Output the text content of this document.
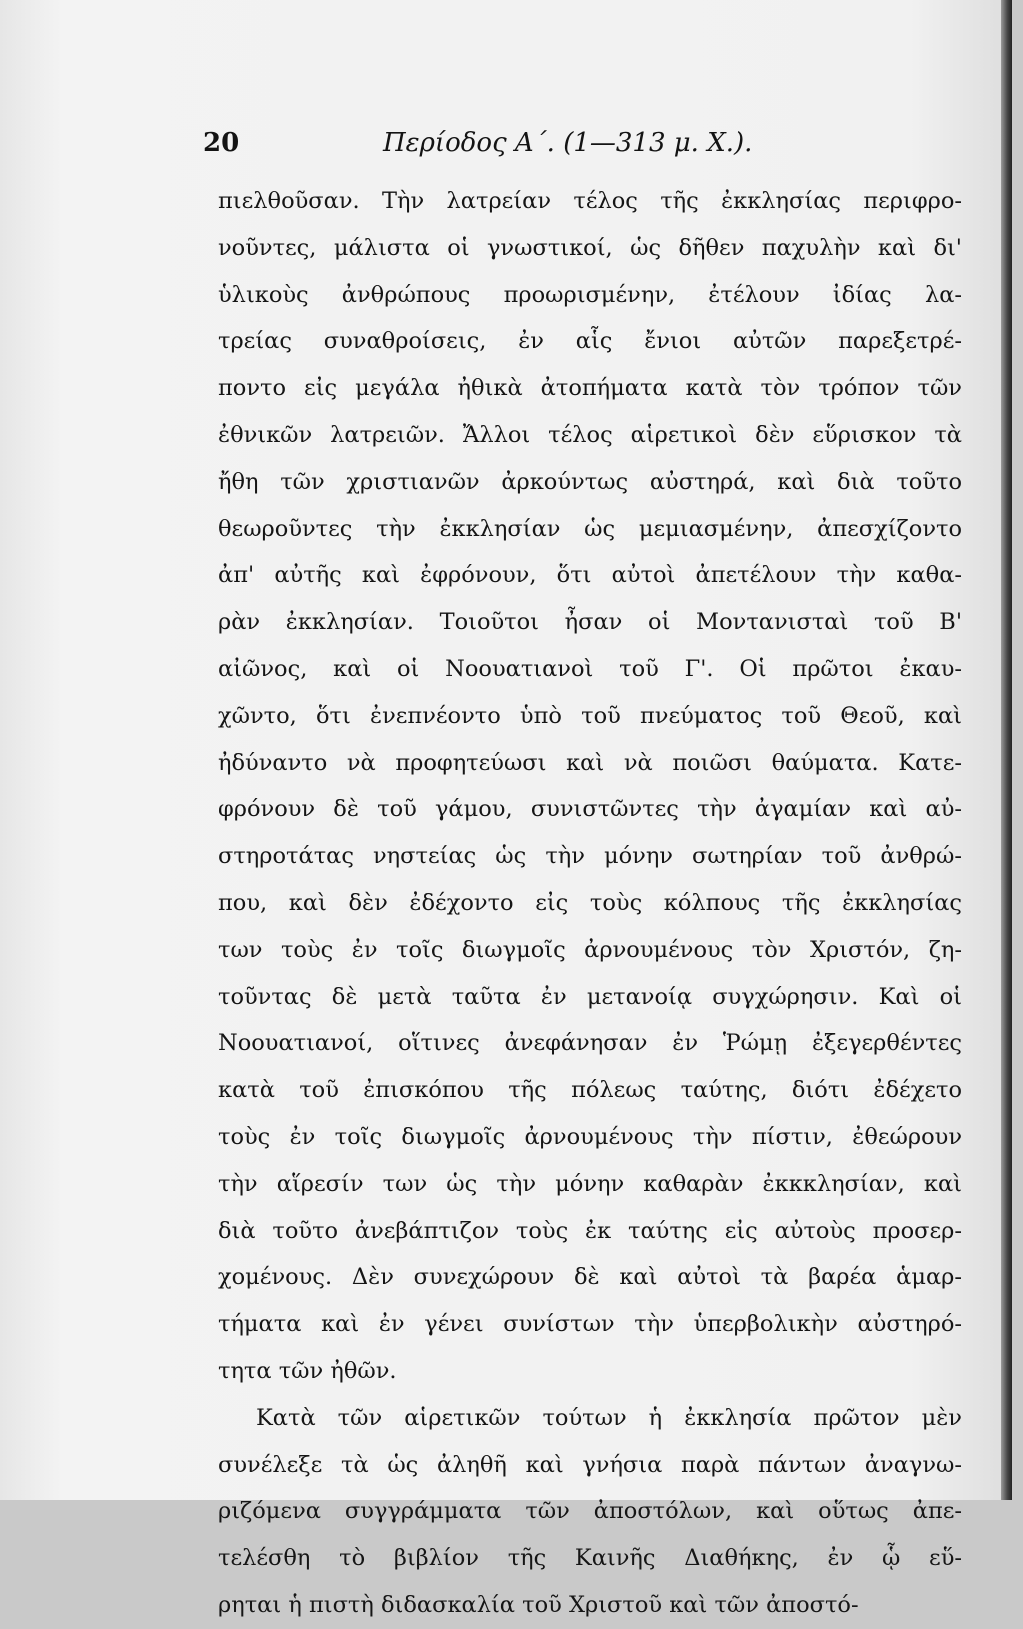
20	Περίοδος Α΄. (1—313 μ. Χ.).
πιελθοῦσαν. Τὴν λατρείαν τέλος τῆς ἐκκλησίας περιφρο-
νοῦντες, μάλιστα οἱ γνωστικοί, ὡς δῆθεν παχυλὴν καὶ δι'
ὑλικοὺς ἀνθρώπους προωρισμένην, ἐτέλουν ἰδίας λα-
τρείας συναθροίσεις, ἐν αἷς ἔνιοι αὐτῶν παρεξετρέ-
ποντο εἰς μεγάλα ἠθικὰ ἀτοπήματα κατὰ τὸν τρόπον τῶν
ἐθνικῶν λατρειῶν. Ἄλλοι τέλος αἱρετικοὶ δὲν εὕρισκον τὰ
ἤθη τῶν χριστιανῶν ἀρκούντως αὐστηρά, καὶ διὰ τοῦτο
θεωροῦντες τὴν ἐκκλησίαν ὡς μεμιασμένην, ἀπεσχίζοντο
ἀπ' αὐτῆς καὶ ἐφρόνουν, ὅτι αὐτοὶ ἀπετέλουν τὴν καθα-
ρὰν ἐκκλησίαν. Τοιοῦτοι ἦσαν οἱ Μοντανισταὶ τοῦ Β'
αἰῶνος, καὶ οἱ Νοουατιανοὶ τοῦ Γ'. Οἱ πρῶτοι ἐκαυ-
χῶντο, ὅτι ἐνεπνέοντο ὑπὸ τοῦ πνεύματος τοῦ Θεοῦ, καὶ
ἠδύναντο νὰ προφητεύωσι καὶ νὰ ποιῶσι θαύματα. Κατε-
φρόνουν δὲ τοῦ γάμου, συνιστῶντες τὴν ἀγαμίαν καὶ αὐ-
στηροτάτας νηστείας ὡς τὴν μόνην σωτηρίαν τοῦ ἀνθρώ-
που, καὶ δὲν ἐδέχοντο εἰς τοὺς κόλπους τῆς ἐκκλησίας
των τοὺς ἐν τοῖς διωγμοῖς ἀρνουμένους τὸν Χριστόν, ζη-
τοῦντας δὲ μετὰ ταῦτα ἐν μετανοίᾳ συγχώρησιν. Καὶ οἱ
Νοουατιανοί, οἵτινες ἀνεφάνησαν ἐν Ῥώμῃ ἐξεγερθέντες
κατὰ τοῦ ἐπισκόπου τῆς πόλεως ταύτης, διότι ἐδέχετο
τοὺς ἐν τοῖς διωγμοῖς ἀρνουμένους τὴν πίστιν, ἐθεώρουν
τὴν αἵρεσίν των ὡς τὴν μόνην καθαρὰν ἐκκκλησίαν, καὶ
διὰ τοῦτο ἀνεβάπτιζον τοὺς ἐκ ταύτης εἰς αὐτοὺς προσερ-
χομένους. Δὲν συνεχώρουν δὲ καὶ αὐτοὶ τὰ βαρέα ἁμαρ-
τήματα καὶ ἐν γένει συνίστων τὴν ὑπερβολικὴν αὐστηρό-
τητα τῶν ἠθῶν.
Κατὰ τῶν αἱρετικῶν τούτων ἡ ἐκκλησία πρῶτον μὲν
συνέλεξε τὰ ὡς ἀληθῆ καὶ γνήσια παρὰ πάντων ἀναγνω-
ριζόμενα συγγράμματα τῶν ἀποστόλων, καὶ οὕτως ἀπε-
τελέσθη τὸ βιβλίον τῆς Καινῆς Διαθήκης, ἐν ᾧ εὕ-
ρηται ἡ πιστὴ διδασκαλία τοῦ Χριστοῦ καὶ τῶν ἀποστό-
